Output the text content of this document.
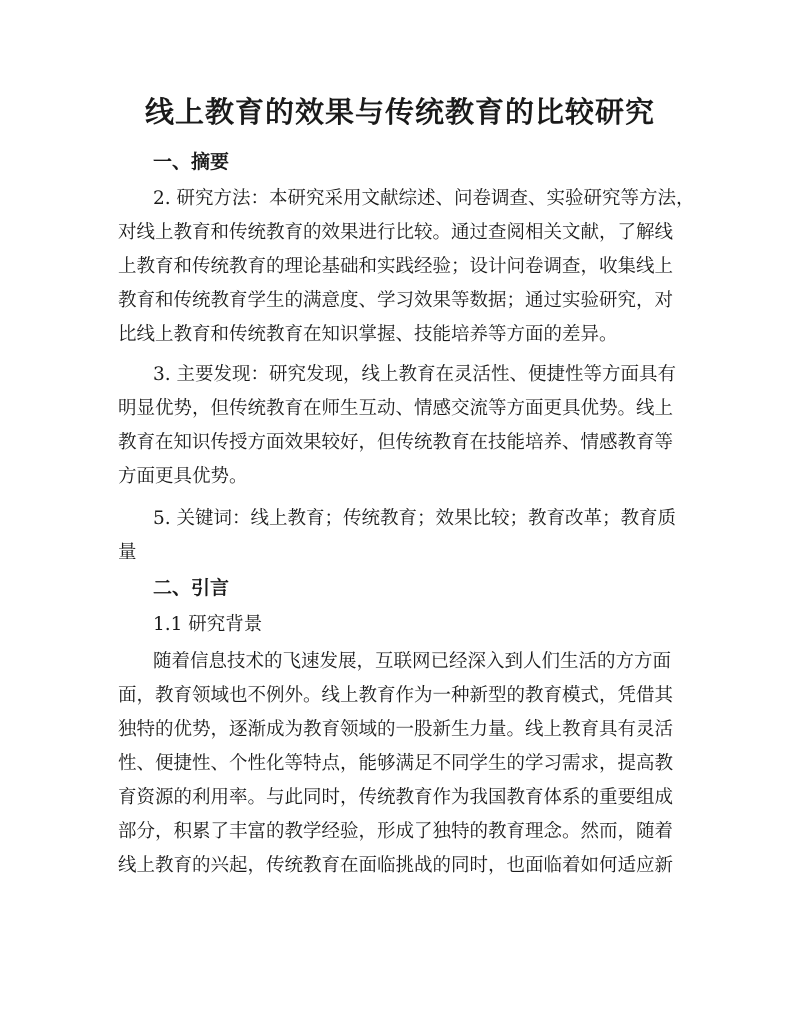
线上教育的效果与传统教育的比较研究
一、摘要
2. 研究方法：本研究采用文献综述、问卷调查、实验研究等方法，
对线上教育和传统教育的效果进行比较。通过查阅相关文献，了解线
上教育和传统教育的理论基础和实践经验；设计问卷调查，收集线上
教育和传统教育学生的满意度、学习效果等数据；通过实验研究，对
比线上教育和传统教育在知识掌握、技能培养等方面的差异。
3. 主要发现：研究发现，线上教育在灵活性、便捷性等方面具有
明显优势，但传统教育在师生互动、情感交流等方面更具优势。线上
教育在知识传授方面效果较好，但传统教育在技能培养、情感教育等
方面更具优势。
5. 关键词：线上教育；传统教育；效果比较；教育改革；教育质
量
二、引言

1.1 研究背景

随着信息技术的飞速发展，互联网已经深入到人们生活的方方面
面，教育领域也不例外。线上教育作为一种新型的教育模式，凭借其
独特的优势，逐渐成为教育领域的一股新生力量。线上教育具有灵活
性、便捷性、个性化等特点，能够满足不同学生的学习需求，提高教
育资源的利用率。与此同时，传统教育作为我国教育体系的重要组成
部分，积累了丰富的教学经验，形成了独特的教育理念。然而，随着
线上教育的兴起，传统教育在面临挑战的同时，也面临着如何适应新
